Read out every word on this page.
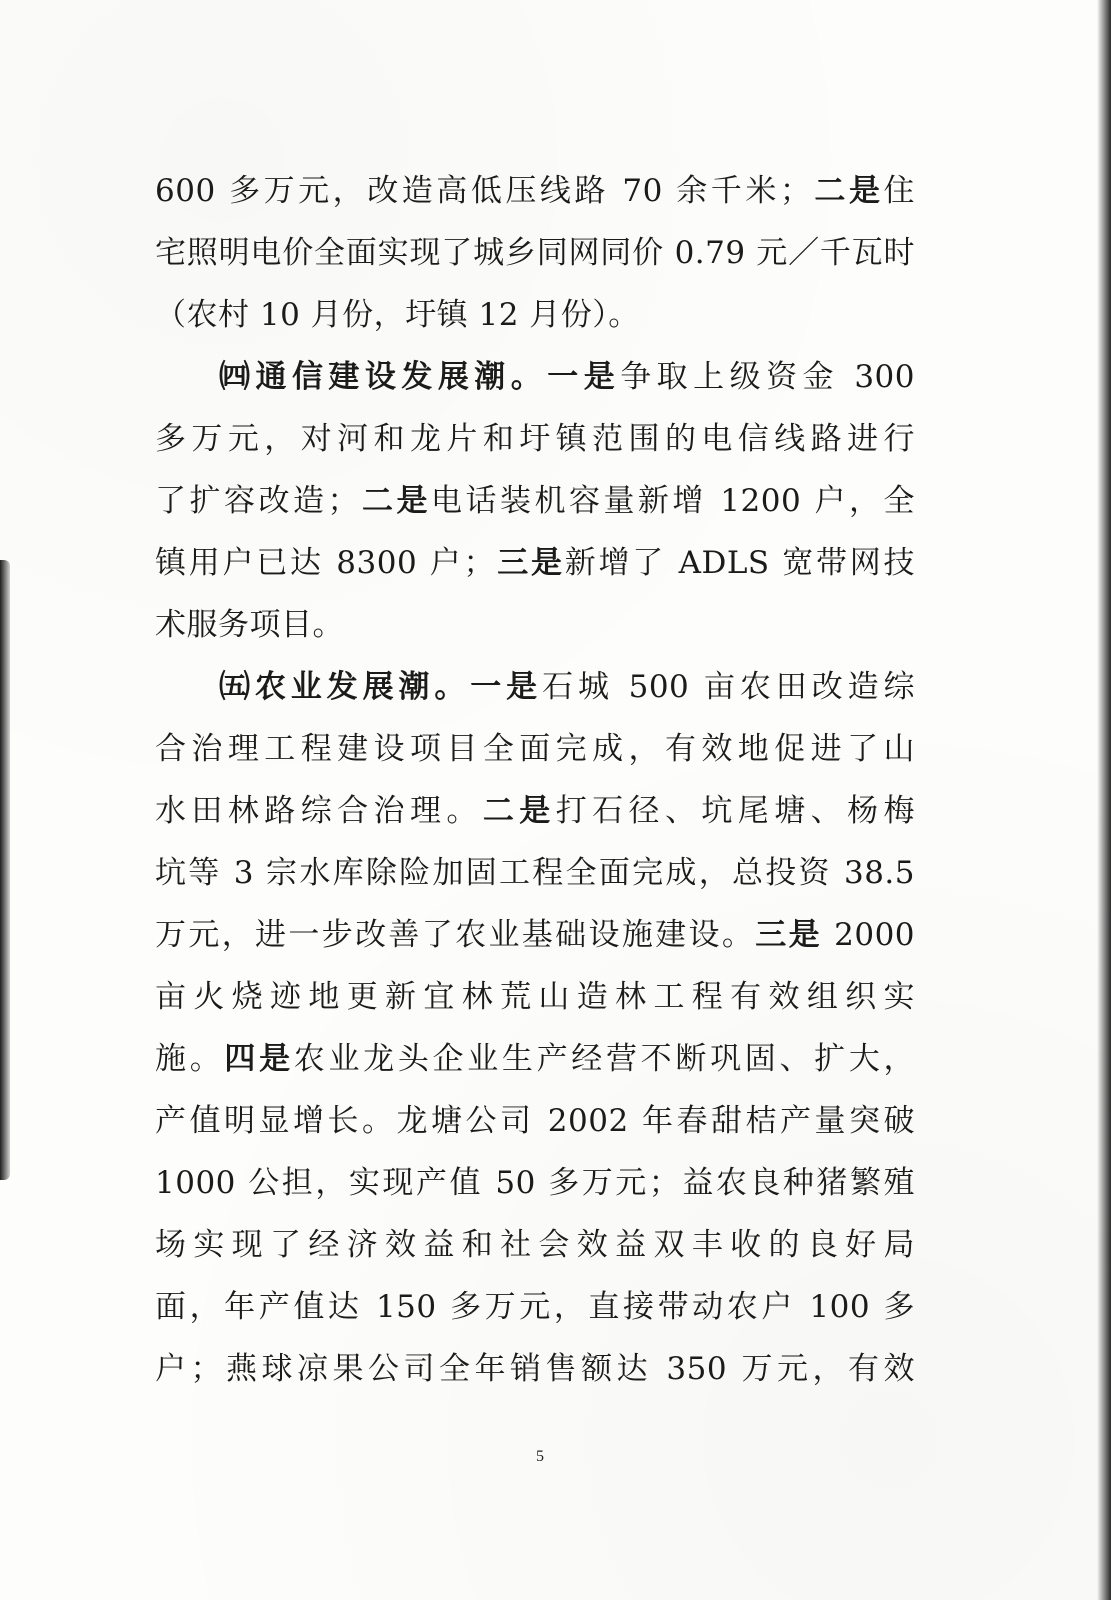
600 多万元，改造高低压线路 70 余千米；二是住
宅照明电价全面实现了城乡同网同价 0.79 元／千瓦时
（农村 10 月份，圩镇 12 月份）。
㈣通信建设发展潮。一是争取上级资金 300
多万元，对河和龙片和圩镇范围的电信线路进行
了扩容改造；二是电话装机容量新增 1200 户，全
镇用户已达 8300 户；三是新增了 ADLS 宽带网技
术服务项目。
㈤农业发展潮。一是石城 500 亩农田改造综
合治理工程建设项目全面完成，有效地促进了山
水田林路综合治理。二是打石径、坑尾塘、杨梅
坑等 3 宗水库除险加固工程全面完成，总投资 38.5
万元，进一步改善了农业基础设施建设。三是 2000
亩火烧迹地更新宜林荒山造林工程有效组织实
施。四是农业龙头企业生产经营不断巩固、扩大，
产值明显增长。龙塘公司 2002 年春甜桔产量突破
1000 公担，实现产值 50 多万元；益农良种猪繁殖
场实现了经济效益和社会效益双丰收的良好局
面，年产值达 150 多万元，直接带动农户 100 多
户；燕球凉果公司全年销售额达 350 万元，有效
5
